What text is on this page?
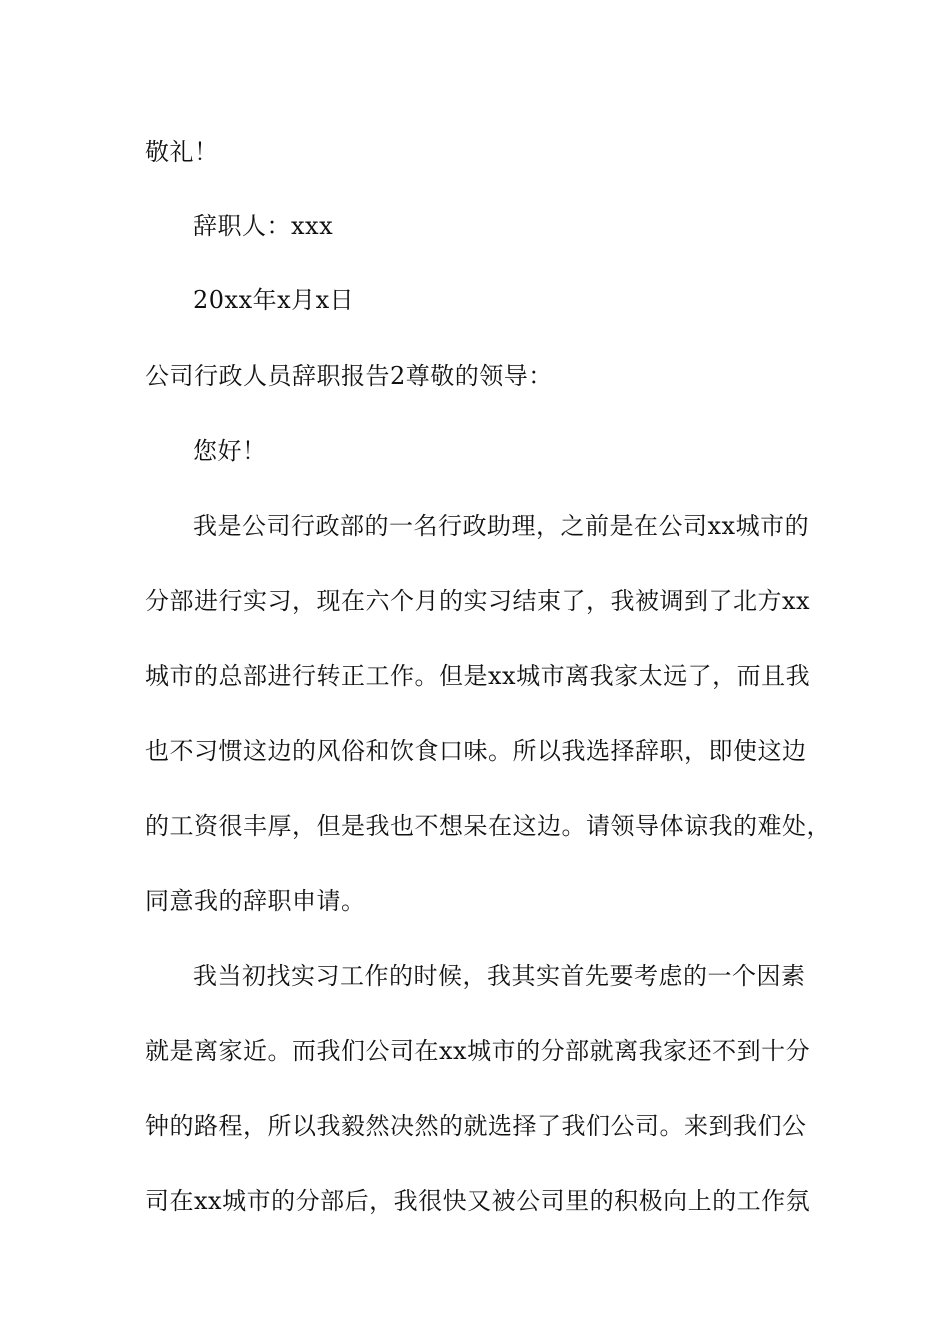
敬礼！
辞职人：xxx
20xx年x月x日
公司行政人员辞职报告2尊敬的领导：
您好！
我是公司行政部的一名行政助理，之前是在公司xx城市的
分部进行实习，现在六个月的实习结束了，我被调到了北方xx
城市的总部进行转正工作。但是xx城市离我家太远了，而且我
也不习惯这边的风俗和饮食口味。所以我选择辞职，即使这边
的工资很丰厚，但是我也不想呆在这边。请领导体谅我的难处，
同意我的辞职申请。
我当初找实习工作的时候，我其实首先要考虑的一个因素
就是离家近。而我们公司在xx城市的分部就离我家还不到十分
钟的路程，所以我毅然决然的就选择了我们公司。来到我们公
司在xx城市的分部后，我很快又被公司里的积极向上的工作氛
